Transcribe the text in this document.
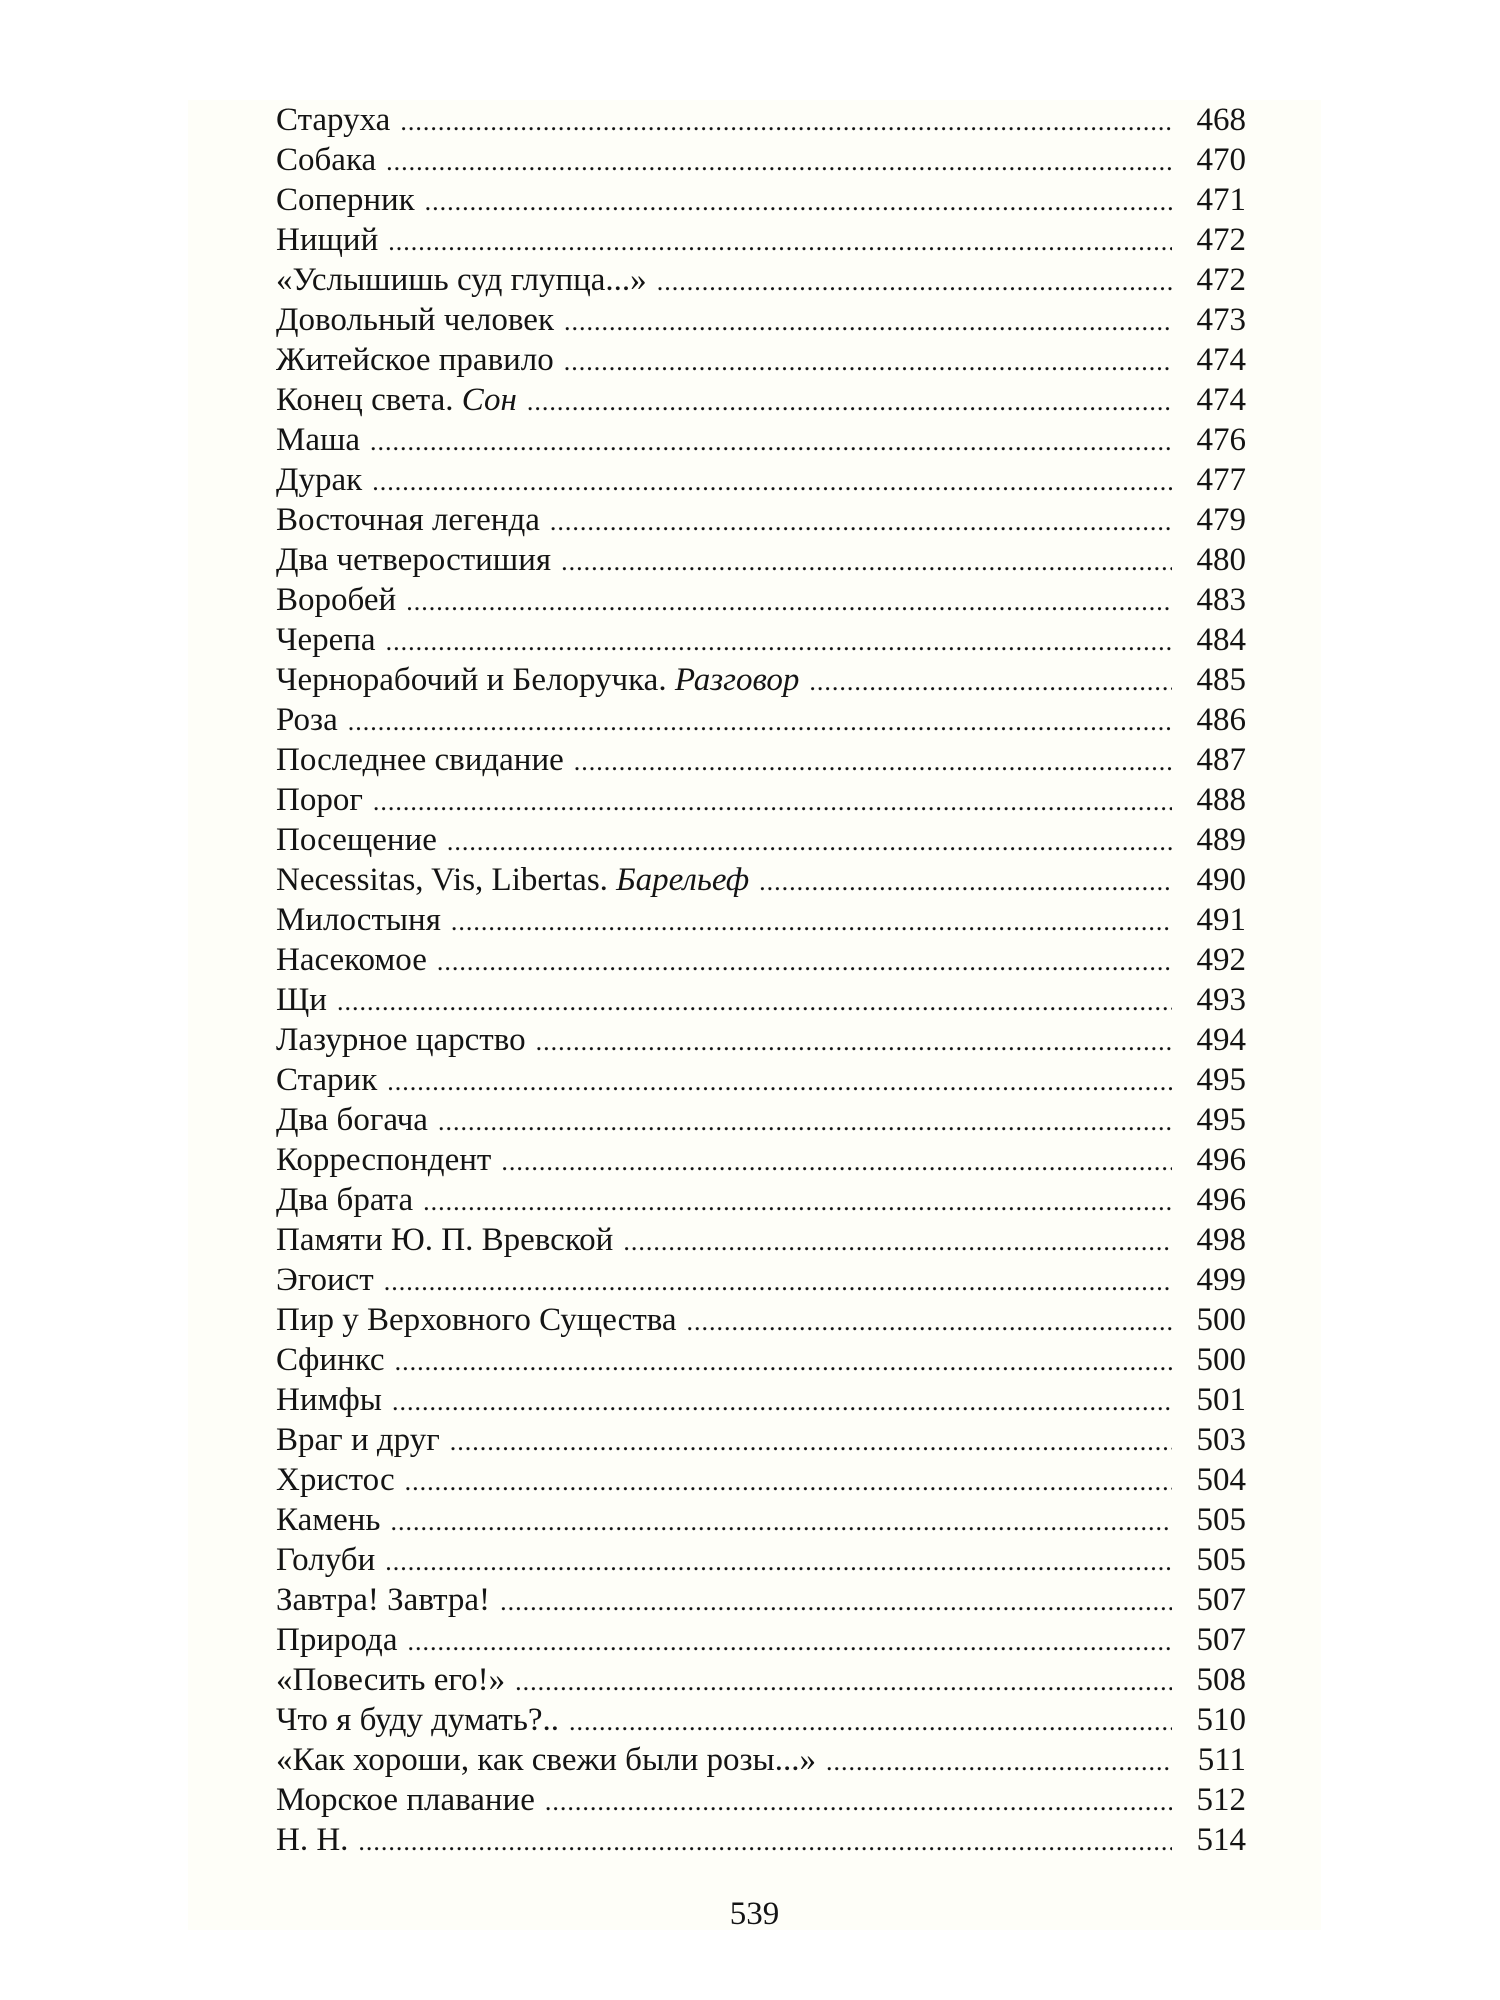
Старуха .....	468
Собака .....	470
Соперник .....	471
Нищий .....	472
«Услышишь суд глупца...» .....	472
Довольный человек .....	473
Житейское правило .....	474
Конец света. Сон .....	474
Маша .....	476
Дурак .....	477
Восточная легенда .....	479
Два четверостишия .....	480
Воробей .....	483
Черепа .....	484
Чернорабочий и Белоручка. Разговор .....	485
Роза .....	486
Последнее свидание .....	487
Порог .....	488
Посещение .....	489
Necessitas, Vis, Libertas. Барельеф .....	490
Милостыня .....	491
Насекомое .....	492
Щи .....	493
Лазурное царство .....	494
Старик .....	495
Два богача .....	495
Корреспондент .....	496
Два брата .....	496
Памяти Ю. П. Вревской .....	498
Эгоист .....	499
Пир у Верховного Существа .....	500
Сфинкс .....	500
Нимфы .....	501
Враг и друг .....	503
Христос .....	504
Камень .....	505
Голуби .....	505
Завтра! Завтра! .....	507
Природа .....	507
«Повесить его!» .....	508
Что я буду думать?.. .....	510
«Как хороши, как свежи были розы...» .....	511
Морское плавание .....	512
Н. Н. .....	514
539
